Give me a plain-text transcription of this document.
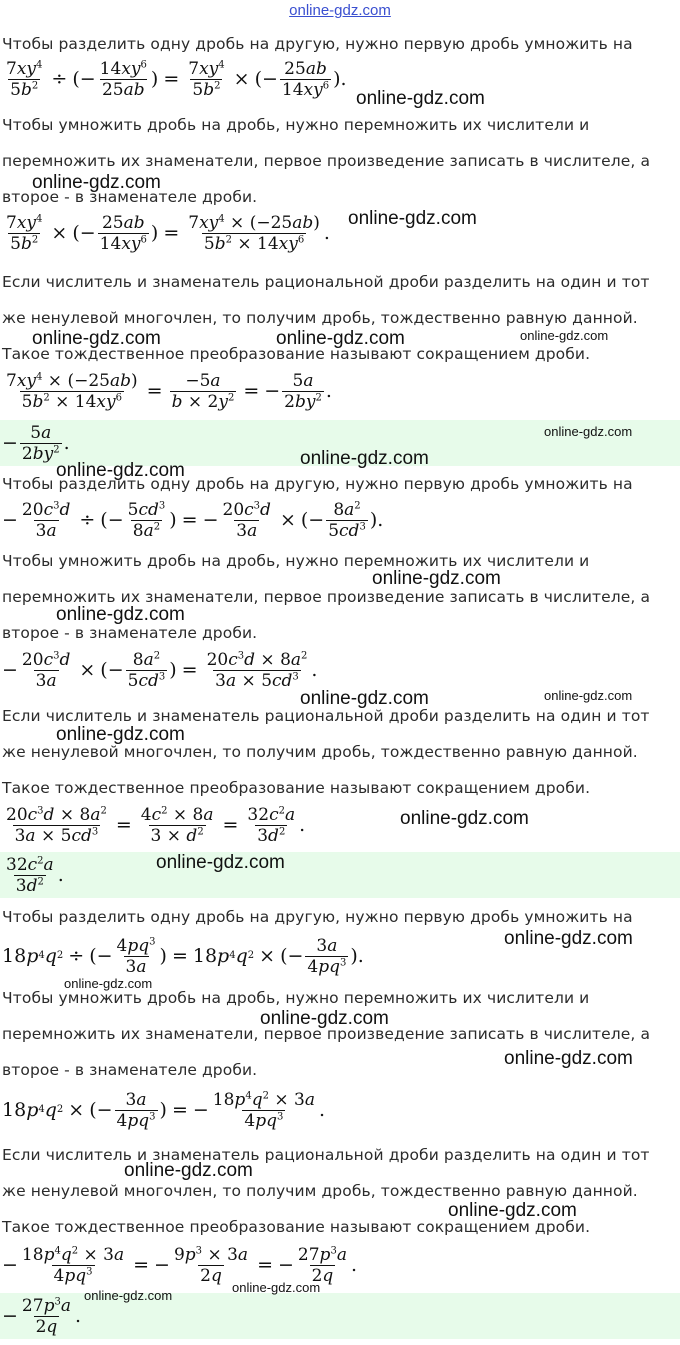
online-gdz.com
Чтобы разделить одну дробь на другую, нужно первую дробь умножить на
$\frac{7xy^4}{5b^2}$ ÷ (− $\frac{14xy^6}{25ab}$ ) = $\frac{7xy^4}{5b^2}$ × (− $\frac{25ab}{14xy^6}$ ).
Чтобы умножить дробь на дробь, нужно перемножить их числители и
перемножить их знаменатели, первое произведение записать в числителе, а
второе - в знаменателе дроби.
$\frac{7xy^4}{5b^2}$ × (− $\frac{25ab}{14xy^6}$ ) = $\frac{7xy^4 \times (-25ab)}{5b^2 \times 14xy^6}$ .
Если числитель и знаменатель рациональной дроби разделить на один и тот
же ненулевой многочлен, то получим дробь, тождественно равную данной.
Такое тождественное преобразование называют сокращением дроби.
$\frac{7xy^4 \times (-25ab)}{5b^2 \times 14xy^6} = \frac{-5a}{b \times 2y^2}$ = − $\frac{5a}{2by^2}$ .
− $\frac{5a}{2by^2}$ .
Чтобы разделить одну дробь на другую, нужно первую дробь умножить на
− $\frac{20c^3d}{3a}$ ÷ (− $\frac{5cd^3}{8a^2}$ ) = − $\frac{20c^3d}{3a}$ × (− $\frac{8a^2}{5cd^3}$ ).
Чтобы умножить дробь на дробь, нужно перемножить их числители и
перемножить их знаменатели, первое произведение записать в числителе, а
второе - в знаменателе дроби.
− $\frac{20c^3d}{3a}$ × (− $\frac{8a^2}{5cd^3}$ ) = $\frac{20c^3d \times 8a^2}{3a \times 5cd^3}$ .
Если числитель и знаменатель рациональной дроби разделить на один и тот
же ненулевой многочлен, то получим дробь, тождественно равную данной.
Такое тождественное преобразование называют сокращением дроби.
$\frac{20c^3d \times 8a^2}{3a \times 5cd^3} = \frac{4c^2 \times 8a}{3 \times d^2} = \frac{32c^2a}{3d^2}$ .
$\frac{32c^2a}{3d^2}$ .
Чтобы разделить одну дробь на другую, нужно первую дробь умножить на
18 p 4 q 2 ÷ (− $\frac{4pq^3}{3a}$ ) = 18 p 4 q 2 × (− $\frac{3a}{4pq^3}$ ).
Чтобы умножить дробь на дробь, нужно перемножить их числители и
перемножить их знаменатели, первое произведение записать в числителе, а
второе - в знаменателе дроби.
18 p 4 q 2 × (− $\frac{3a}{4pq^3}$ ) = − $\frac{18p^4q^2 \times 3a}{4pq^3}$ .
Если числитель и знаменатель рациональной дроби разделить на один и тот
же ненулевой многочлен, то получим дробь, тождественно равную данной.
Такое тождественное преобразование называют сокращением дроби.
− $\frac{18p^4q^2 \times 3a}{4pq^3}$ = − $\frac{9p^3 \times 3a}{2q}$ = − $\frac{27p^3a}{2q}$ .
− $\frac{27p^3a}{2q}$ .
online-gdz.com
online-gdz.com
online-gdz.com
online-gdz.com	online-gdz.com	online-gdz.com
online-gdz.com
online-gdz.com
online-gdz.com
online-gdz.com
online-gdz.com
online-gdz.com	online-gdz.com
online-gdz.com
online-gdz.com
online-gdz.com
online-gdz.com
online-gdz.com
online-gdz.com
online-gdz.com
online-gdz.com
online-gdz.com
online-gdz.com
online-gdz.com
